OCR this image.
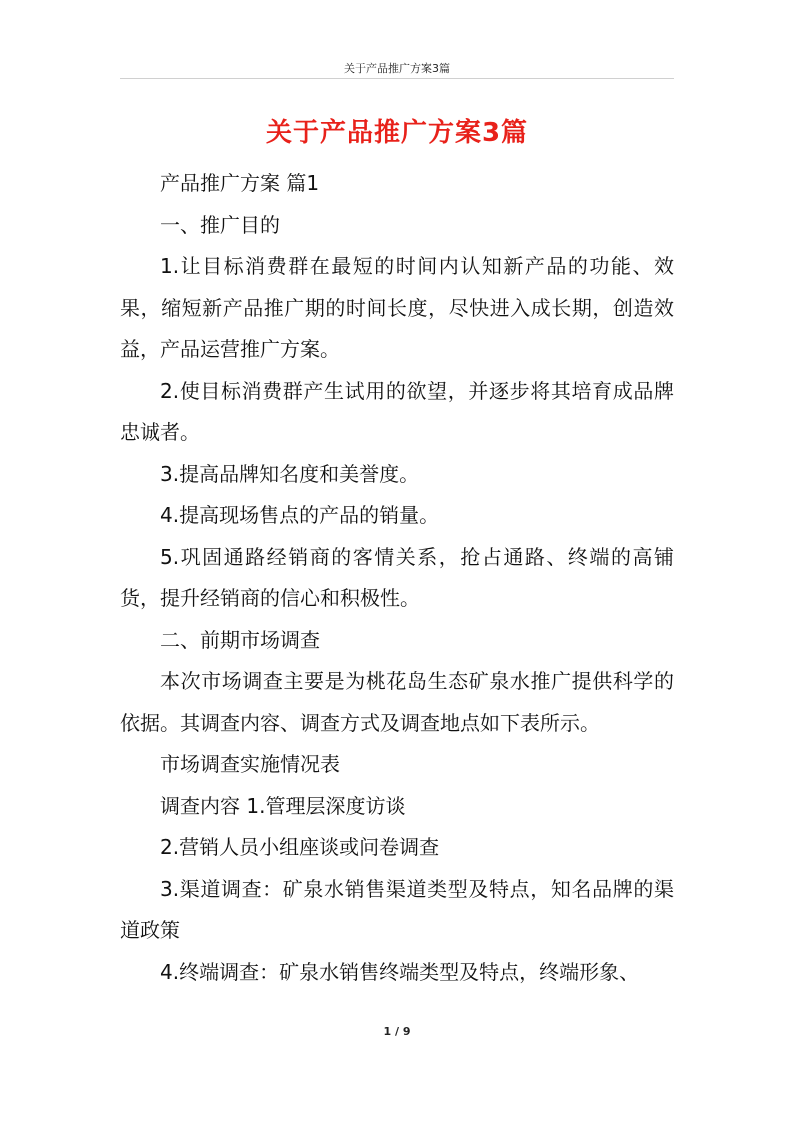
关于产品推广方案3篇
关于产品推广方案3篇

产品推广方案 篇1

一、推广目的

1.让目标消费群在最短的时间内认知新产品的功能、效果，缩短新产品推广期的时间长度，尽快进入成长期，创造效益，产品运营推广方案。

2.使目标消费群产生试用的欲望，并逐步将其培育成品牌忠诚者。

3.提高品牌知名度和美誉度。

4.提高现场售点的产品的销量。

5.巩固通路经销商的客情关系，抢占通路、终端的高铺货，提升经销商的信心和积极性。

二、前期市场调查

本次市场调查主要是为桃花岛生态矿泉水推广提供科学的依据。其调查内容、调查方式及调查地点如下表所示。

市场调查实施情况表

调查内容 1.管理层深度访谈

2.营销人员小组座谈或问卷调查

3.渠道调查：矿泉水销售渠道类型及特点，知名品牌的渠道政策

4.终端调查：矿泉水销售终端类型及特点，终端形象、

1 / 9
